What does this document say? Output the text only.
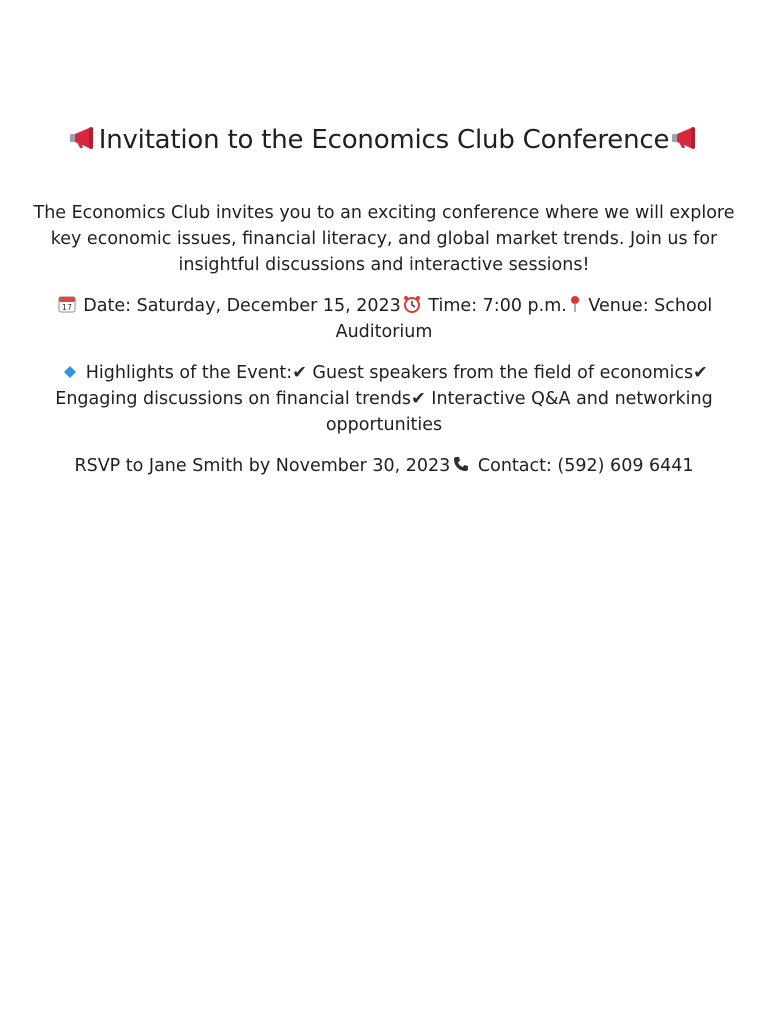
Invitation to the Economics Club Conference

The Economics Club invites you to an exciting conference where we will explore key economic issues, financial literacy, and global market trends. Join us for insightful discussions and interactive sessions!

17 Date: Saturday, December 15, 2023
Time: 7:00 p.m.
Venue: School Auditorium

Highlights of the Event:✔ Guest speakers from the field of economics✔ Engaging discussions on financial trends✔ Interactive Q&A and networking opportunities

RSVP to Jane Smith by November 30, 2023
Contact: (592) 609 6441
